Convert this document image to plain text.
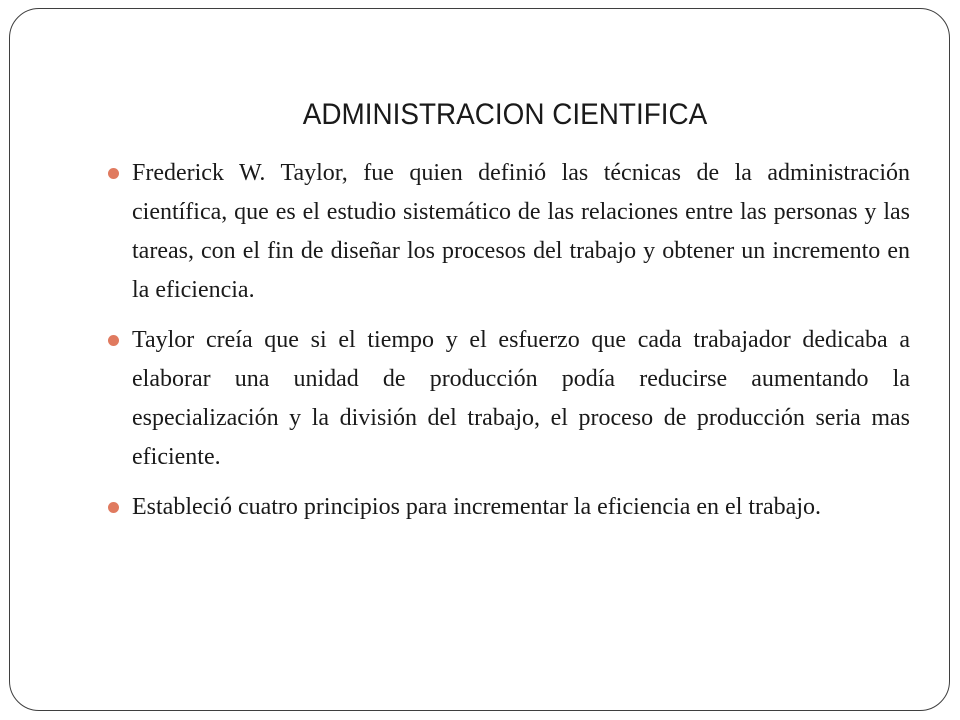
ADMINISTRACION CIENTIFICA
Frederick W. Taylor, fue quien definió las técnicas de la administración científica, que es el estudio sistemático de las relaciones entre las personas y las tareas, con el fin de diseñar los procesos del trabajo y obtener un incremento en la eficiencia.
Taylor creía que si el tiempo y el esfuerzo que cada trabajador dedicaba a elaborar una unidad de producción podía reducirse aumentando la especialización y la división del trabajo, el proceso de producción seria mas eficiente.
Estableció cuatro principios para incrementar la eficiencia en el trabajo.
